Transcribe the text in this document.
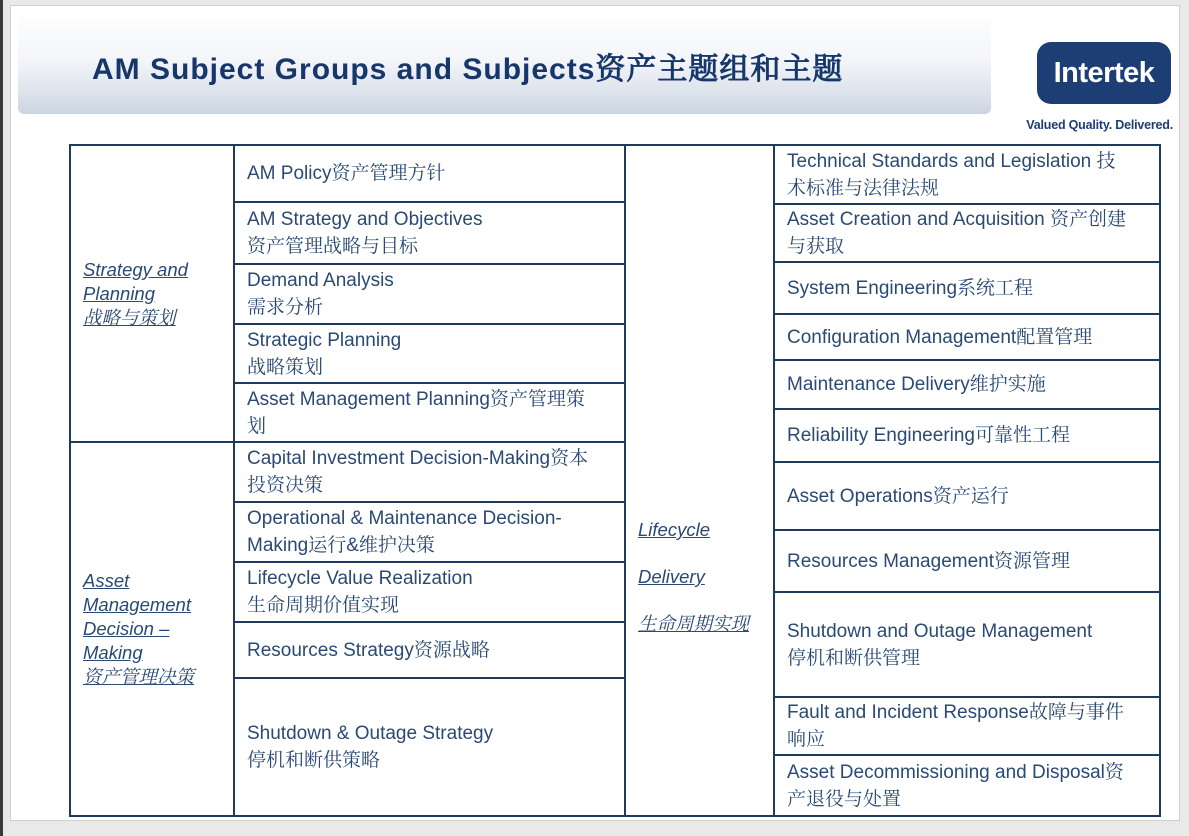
AM Subject Groups and Subjects资产主题组和主题	Intertek
Valued Quality. Delivered.
Strategy and
Planning
战略与策划
Asset
Management
Decision –
Making
资产管理决策
AM Policy资产管理方针
AM Strategy and Objectives
资产管理战略与目标
Demand Analysis
需求分析
Strategic Planning
战略策划
Asset Management Planning资产管理策
划
Capital Investment Decision-Making资本
投资决策
Operational & Maintenance Decision-
Making运行&维护决策
Lifecycle Value Realization
生命周期价值实现
Resources Strategy资源战略
Shutdown & Outage Strategy
停机和断供策略
Lifecycle
Delivery
生命周期实现
Technical Standards and Legislation 技
术标准与法律法规
Asset Creation and Acquisition 资产创建
与获取
System Engineering系统工程
Configuration Management配置管理
Maintenance Delivery维护实施
Reliability Engineering可靠性工程
Asset Operations资产运行
Resources Management资源管理
Shutdown and Outage Management
停机和断供管理
Fault and Incident Response故障与事件
响应
Asset Decommissioning and Disposal资
产退役与处置
